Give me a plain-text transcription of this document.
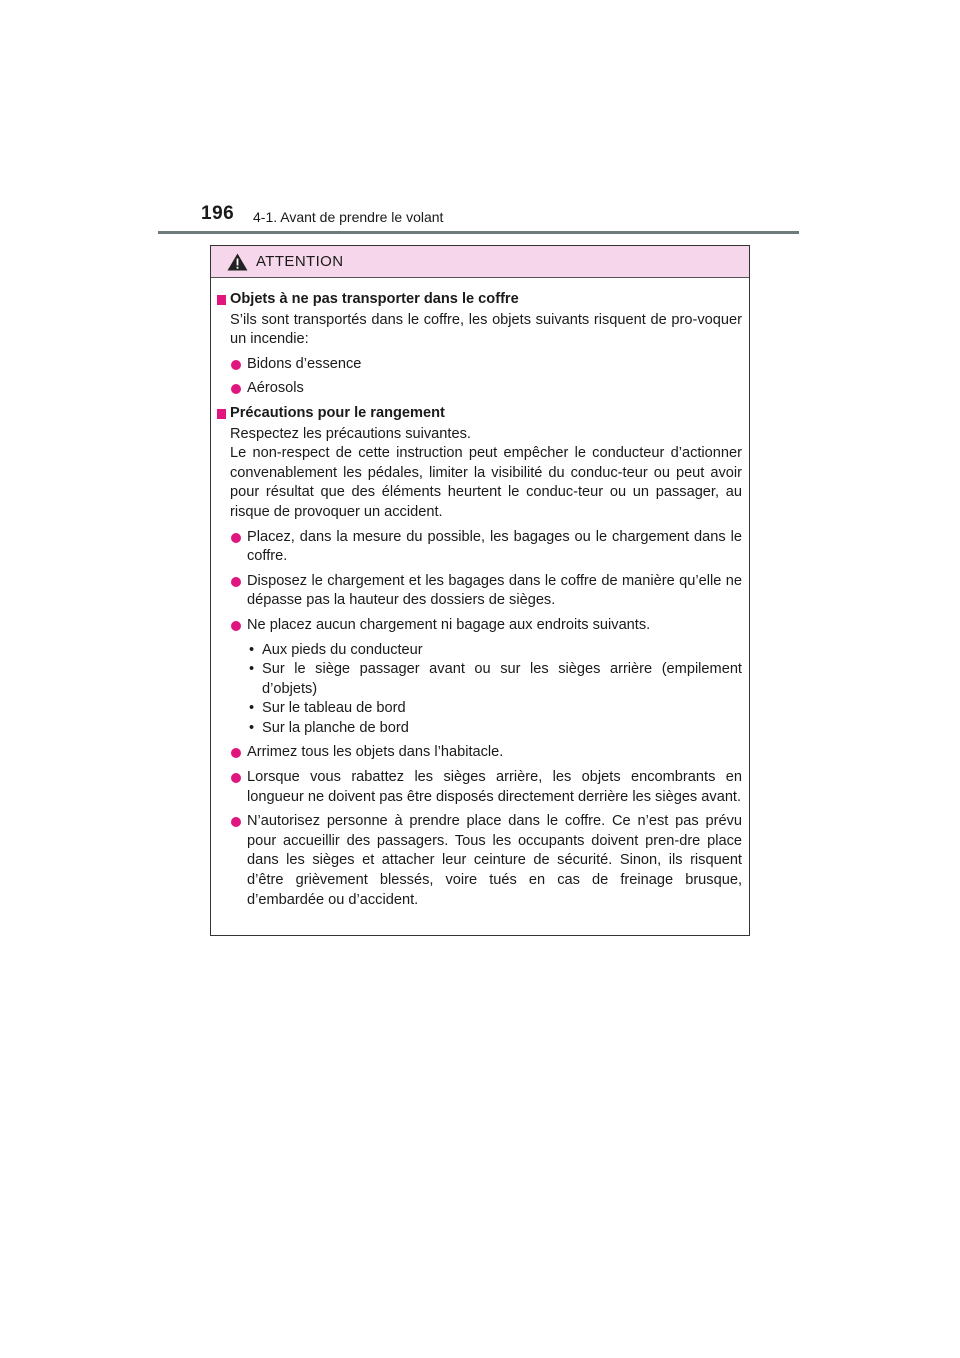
196 4-1. Avant de prendre le volant
ATTENTION
Objets à ne pas transporter dans le coffre
S’ils sont transportés dans le coffre, les objets suivants risquent de pro-voquer un incendie:
Bidons d’essence
Aérosols
Précautions pour le rangement
Respectez les précautions suivantes.
Le non-respect de cette instruction peut empêcher le conducteur d’actionner convenablement les pédales, limiter la visibilité du conduc-teur ou peut avoir pour résultat que des éléments heurtent le conduc-teur ou un passager, au risque de provoquer un accident.
Placez, dans la mesure du possible, les bagages ou le chargement dans le coffre.
Disposez le chargement et les bagages dans le coffre de manière qu’elle ne dépasse pas la hauteur des dossiers de sièges.
Ne placez aucun chargement ni bagage aux endroits suivants.
• Aux pieds du conducteur
• Sur le siège passager avant ou sur les sièges arrière (empilement d’objets)
• Sur le tableau de bord
• Sur la planche de bord
Arrimez tous les objets dans l’habitacle.
Lorsque vous rabattez les sièges arrière, les objets encombrants en longueur ne doivent pas être disposés directement derrière les sièges avant.
N’autorisez personne à prendre place dans le coffre. Ce n’est pas prévu pour accueillir des passagers. Tous les occupants doivent pren-dre place dans les sièges et attacher leur ceinture de sécurité. Sinon, ils risquent d’être grièvement blessés, voire tués en cas de freinage brusque, d’embardée ou d’accident.
